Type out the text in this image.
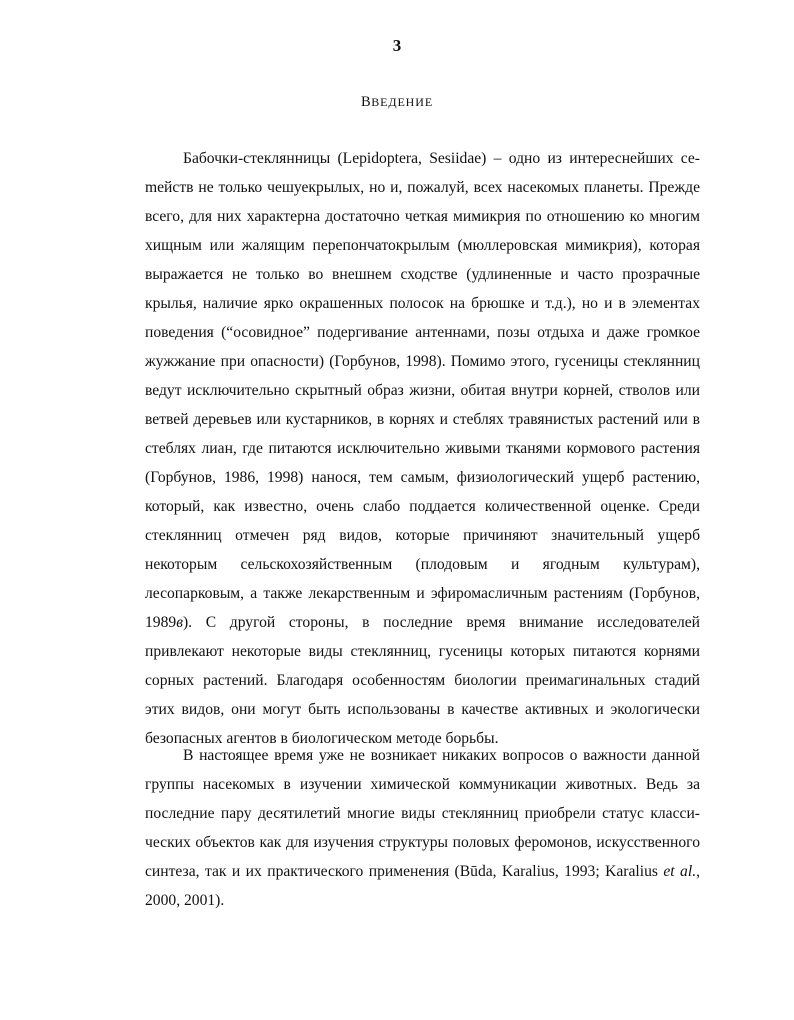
3
ВВЕДЕНИЕ

Бабочки-стеклянницы (Lepidoptera, Sesiidae) – одно из интереснейших сеmейств не только чешуекрылых, но и, пожалуй, всех насекомых планеты. Прежде всего, для них характерна достаточно четкая мимикрия по отношению ко многим хищным или жалящим перепончатокрылым (мюллеровская мимикрия), которая выражается не только во внешнем сходстве (удлиненные и часто прозрачные крылья, наличие ярко окрашенных полосок на брюшке и т.д.), но и в элементах поведения (“осовидное” подергивание антеннами, позы отдыха и даже громкое жужжание при опасности) (Горбунов, 1998). Помимо этого, гусеницы стеклянниц ведут исключительно скрытный образ жизни, обитая внутри корней, стволов или ветвей деревьев или кустарников, в корнях и стеблях травянистых растений или в стеблях лиан, где питаются исключительно живыми тканями кормового растения (Горбунов, 1986, 1998) нанося, тем самым, физиологический ущерб растению, который, как известно, очень слабо поддается количественной оценке. Среди стеклянниц отмечен ряд видов, которые причиняют значительный ущерб некоторым сельскохозяйственным (плодовым и ягодным культурам), лесопарковым, а также лекарственным и эфиромасличным растениям (Горбунов, 1989в). С другой стороны, в последние время внимание исследователей привлекают некоторые виды стеклянниц, гусеницы которых питаются корнями сорных растений. Благодаря особенностям биологии преимагинальных стадий этих видов, они могут быть использованы в качестве активных и экологически безопасных агентов в биологическом методе борьбы.

В настоящее время уже не возникает никаких вопросов о важности данной группы насекомых в изучении химической коммуникации животных. Ведь за последние пару десятилетий многие виды стеклянниц приобрели статус классических объектов как для изучения структуры половых феромонов, искусственного синтеза, так и их практического применения (Būda, Karalius, 1993; Karalius et al., 2000, 2001).
